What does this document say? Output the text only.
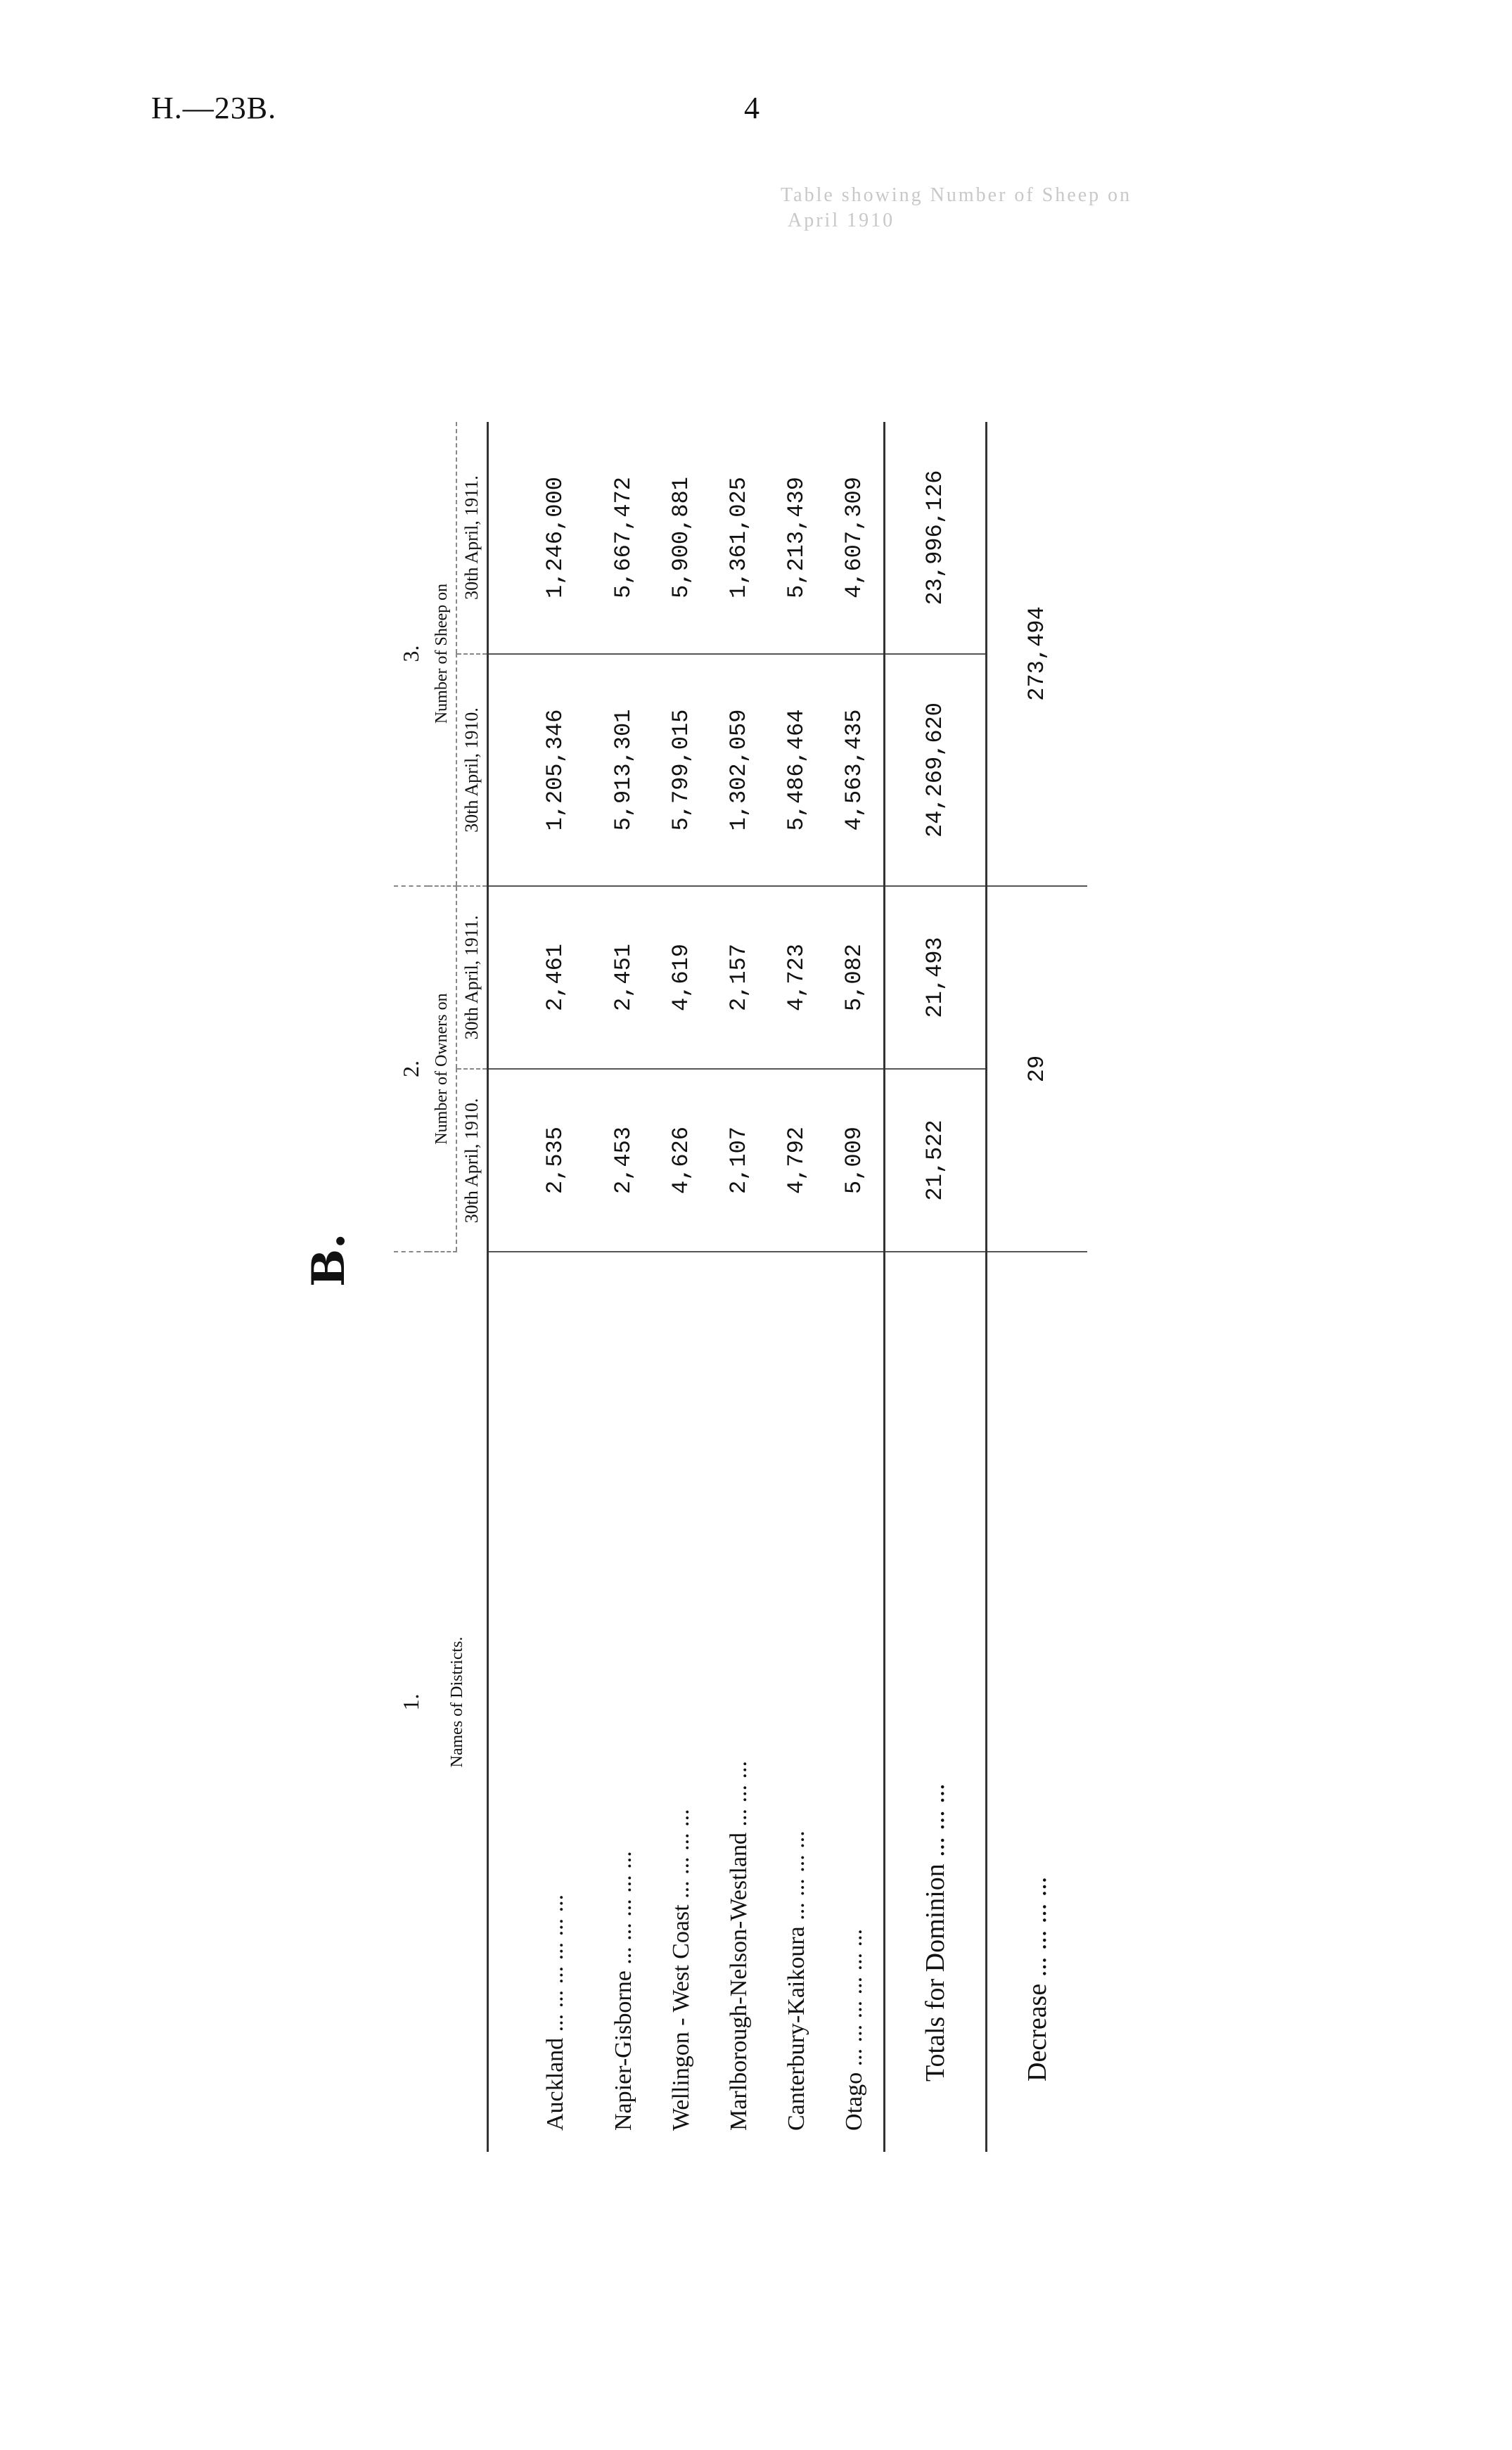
H.—23B.	4
Table showing Number of Sheep on
April 1910
B.
1.	2.		3.	
Names of Districts.	Number of Owners on		Number of Sheep on	
	30th April, 1910.	30th April, 1911.	30th April, 1910.	30th April, 1911.
Auckland ... ... ... ... ... ...	2,535	2,461	1,205,346	1,246,000
Napier-Gisborne ... ... ... ... ...	2,453	2,451	5,913,301	5,667,472
Wellingon - West Coast ... ... ... ...	4,626	4,619	5,799,015	5,900,881
Marlborough-Nelson-Westland ... ... ...	2,107	2,157	1,302,059	1,361,025
Canterbury-Kaikoura ... ... ... ...	4,792	4,723	5,486,464	5,213,439
Otago ... ... ... ... ... ...	5,009	5,082	4,563,435	4,607,309
Totals for Dominion ... ... ...	21,522	21,493	24,269,620	23,996,126
Decrease ... ... ... ...	29		273,494	
